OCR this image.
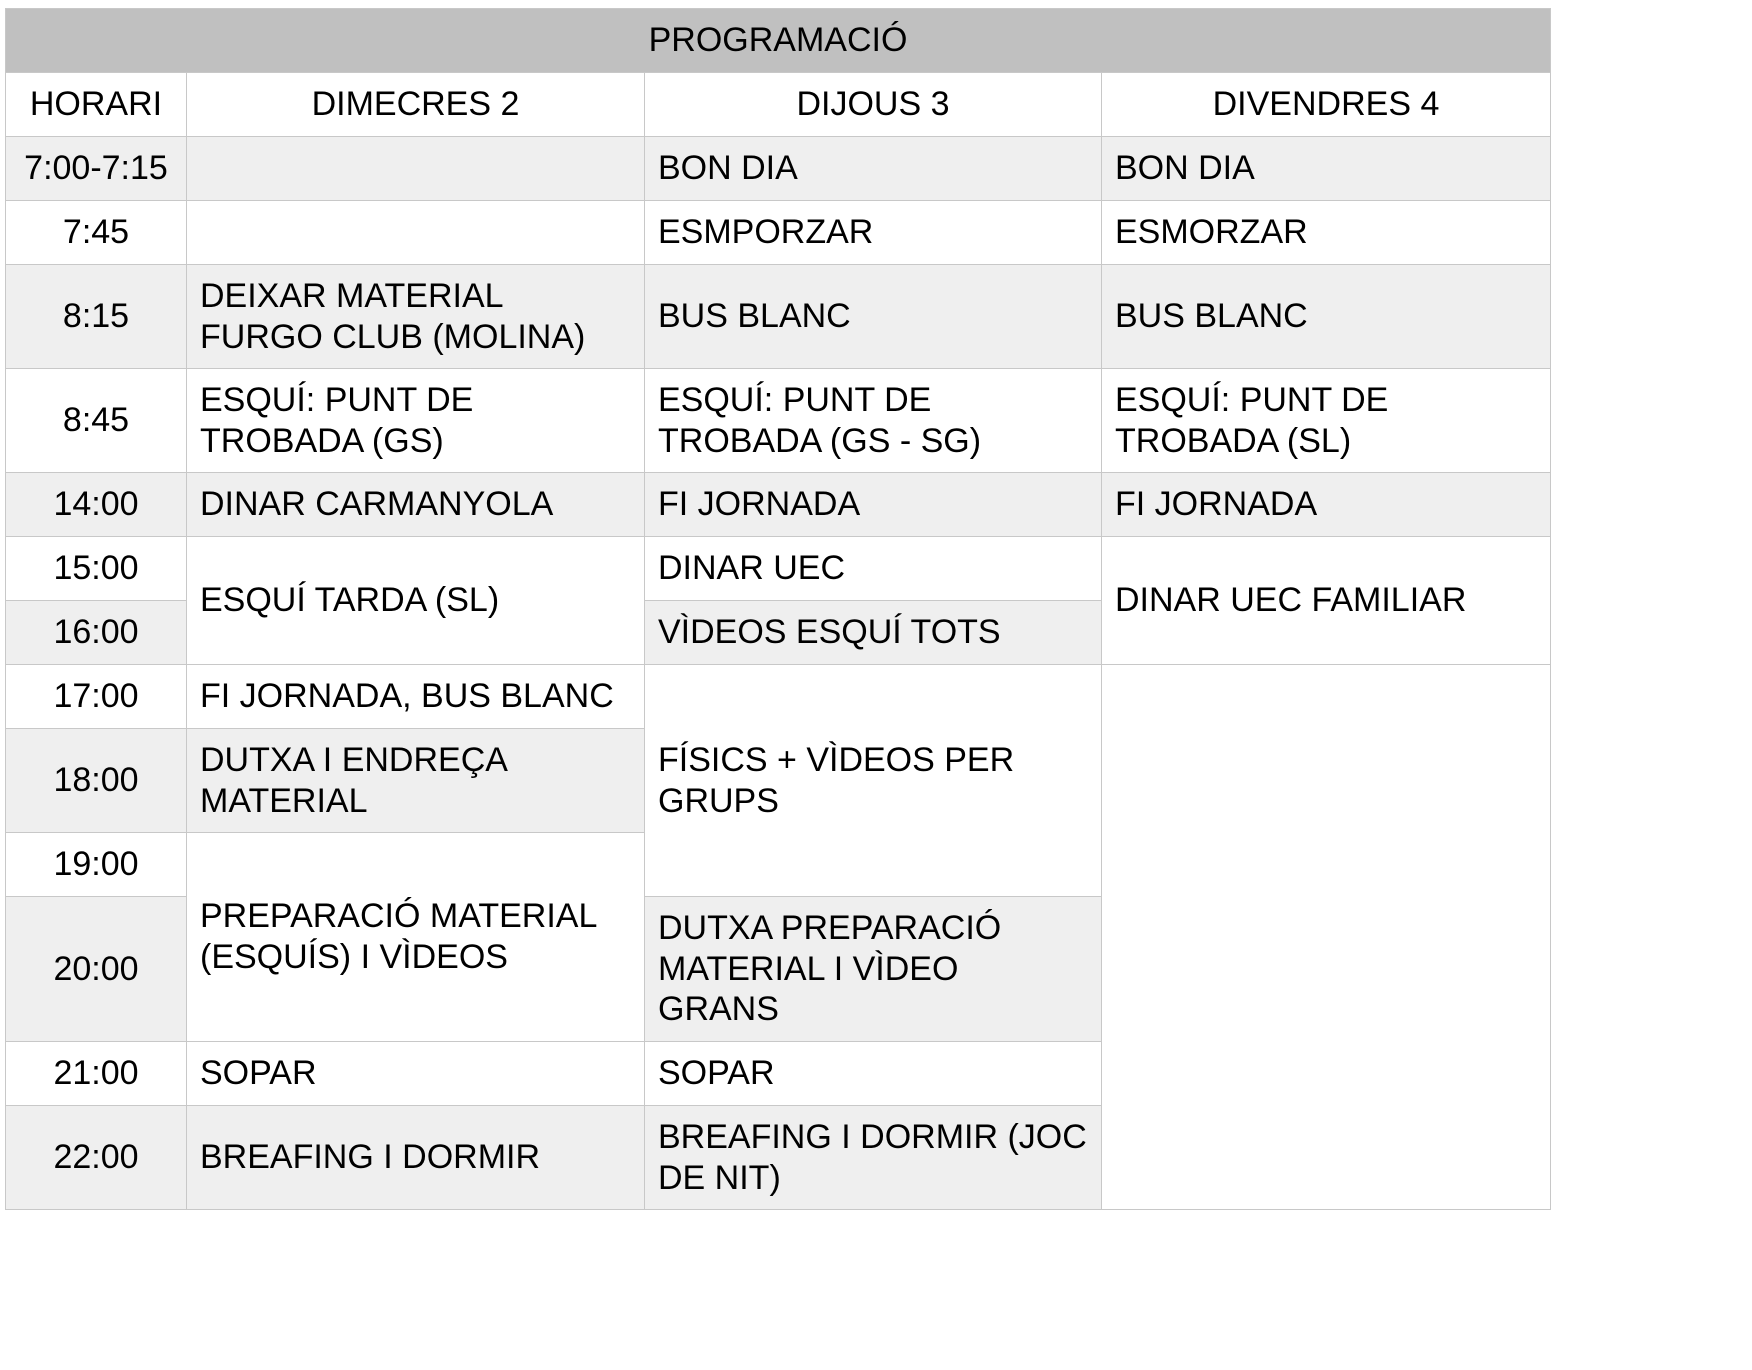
PROGRAMACIÓ			
HORARI	DIMECRES 2	DIJOUS 3	DIVENDRES 4
7:00-7:15		BON DIA	BON DIA
7:45		ESMPORZAR	ESMORZAR
8:15	DEIXAR MATERIAL FURGO CLUB (MOLINA)	BUS BLANC	BUS BLANC
8:45	ESQUÍ: PUNT DE TROBADA (GS)	ESQUÍ: PUNT DE TROBADA (GS - SG)	ESQUÍ: PUNT DE TROBADA (SL)
14:00	DINAR CARMANYOLA	FI JORNADA	FI JORNADA
15:00	ESQUÍ TARDA (SL)	DINAR UEC	DINAR UEC FAMILIAR
16:00		VÌDEOS ESQUÍ TOTS	
17:00	FI JORNADA, BUS BLANC	FÍSICS + VÌDEOS PER GRUPS	
18:00	DUTXA I ENDREÇA MATERIAL		
19:00	PREPARACIÓ MATERIAL (ESQUÍS) I VÌDEOS		
20:00		DUTXA PREPARACIÓ MATERIAL I VÌDEO GRANS	
21:00	SOPAR	SOPAR	
22:00	BREAFING I DORMIR	BREAFING I DORMIR (JOC DE NIT)	
